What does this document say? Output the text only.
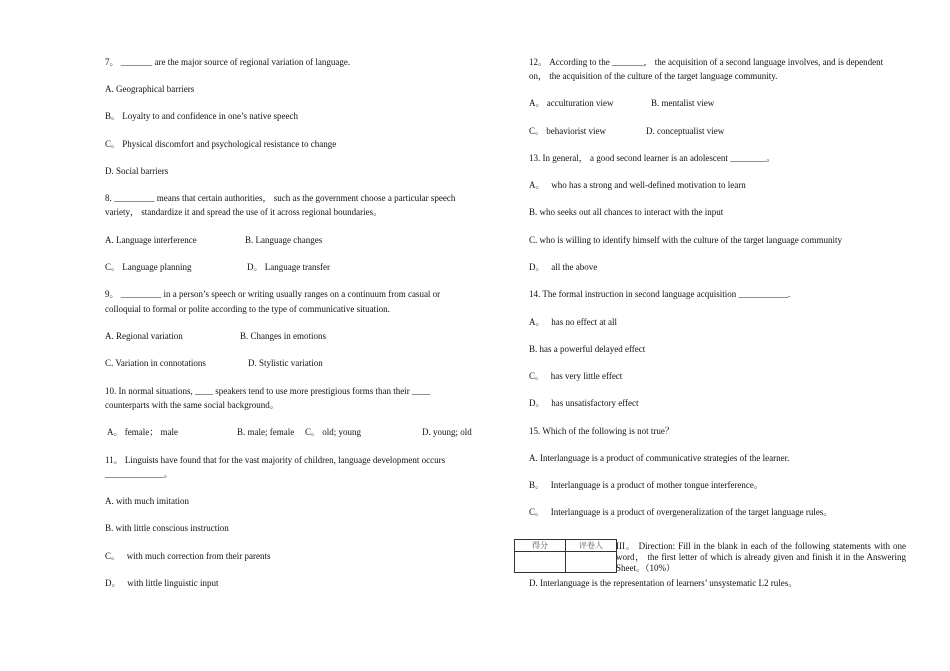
7。 _______ are the major source of regional variation of language.
A. Geographical barriers
B。 Loyalty to and confidence in one’s native speech
C。 Physical discomfort and psychological resistance to change
D. Social barriers
8. _________ means that certain authorities， such as the government choose a particular speech
variety， standardize it and spread the use of it across regional boundaries。
A. Language interference	B. Language changes
C。 Language planning	D。 Language transfer
9。 _________ in a person’s speech or writing usually ranges on a continuum from casual or
colloquial to formal or polite according to the type of communicative situation.
A. Regional variation	B. Changes in emotions
C. Variation in connotations	D. Stylistic variation
10. In normal situations, ____ speakers tend to use more prestigious forms than their ____
counterparts with the same social background。
A。 female； male	B. male; female C。 old; young	D. young; old
11。 Linguists have found that for the vast majority of children, language development occurs
_____________。
A. with much imitation
B. with little conscious instruction
C。   with much correction from their parents
D。   with little linguistic input
12。 According to the _______， the acquisition of a second language involves, and is dependent
on， the acquisition of the culture of the target language community.
A。 acculturation view	B. mentalist view
C。 behaviorist view	D. conceptualist view
13. In general， a good second learner is an adolescent ________。
A。   who has a strong and well-defined motivation to learn
B. who seeks out all chances to interact with the input
C. who is willing to identify himself with the culture of the target language community
D。   all the above
14. The formal instruction in second language acquisition ___________.
A。   has no effect at all
B. has a powerful delayed effect
C。   has very little effect
D。   has unsatisfactory effect
15. Which of the following is not true？
A. Interlanguage is a product of communicative strategies of the learner.
B。   Interlanguage is a product of mother tongue interference。
C。   Interlanguage is a product of overgeneralization of the target language rules。
得分	评卷人
	III。 Direction: Fill in the blank in each of the following statements with one word， the first letter of which is already given and finish it in the Answering Sheet。（10%）
D. Interlanguage is the representation of learners’ unsystematic L2 rules。
